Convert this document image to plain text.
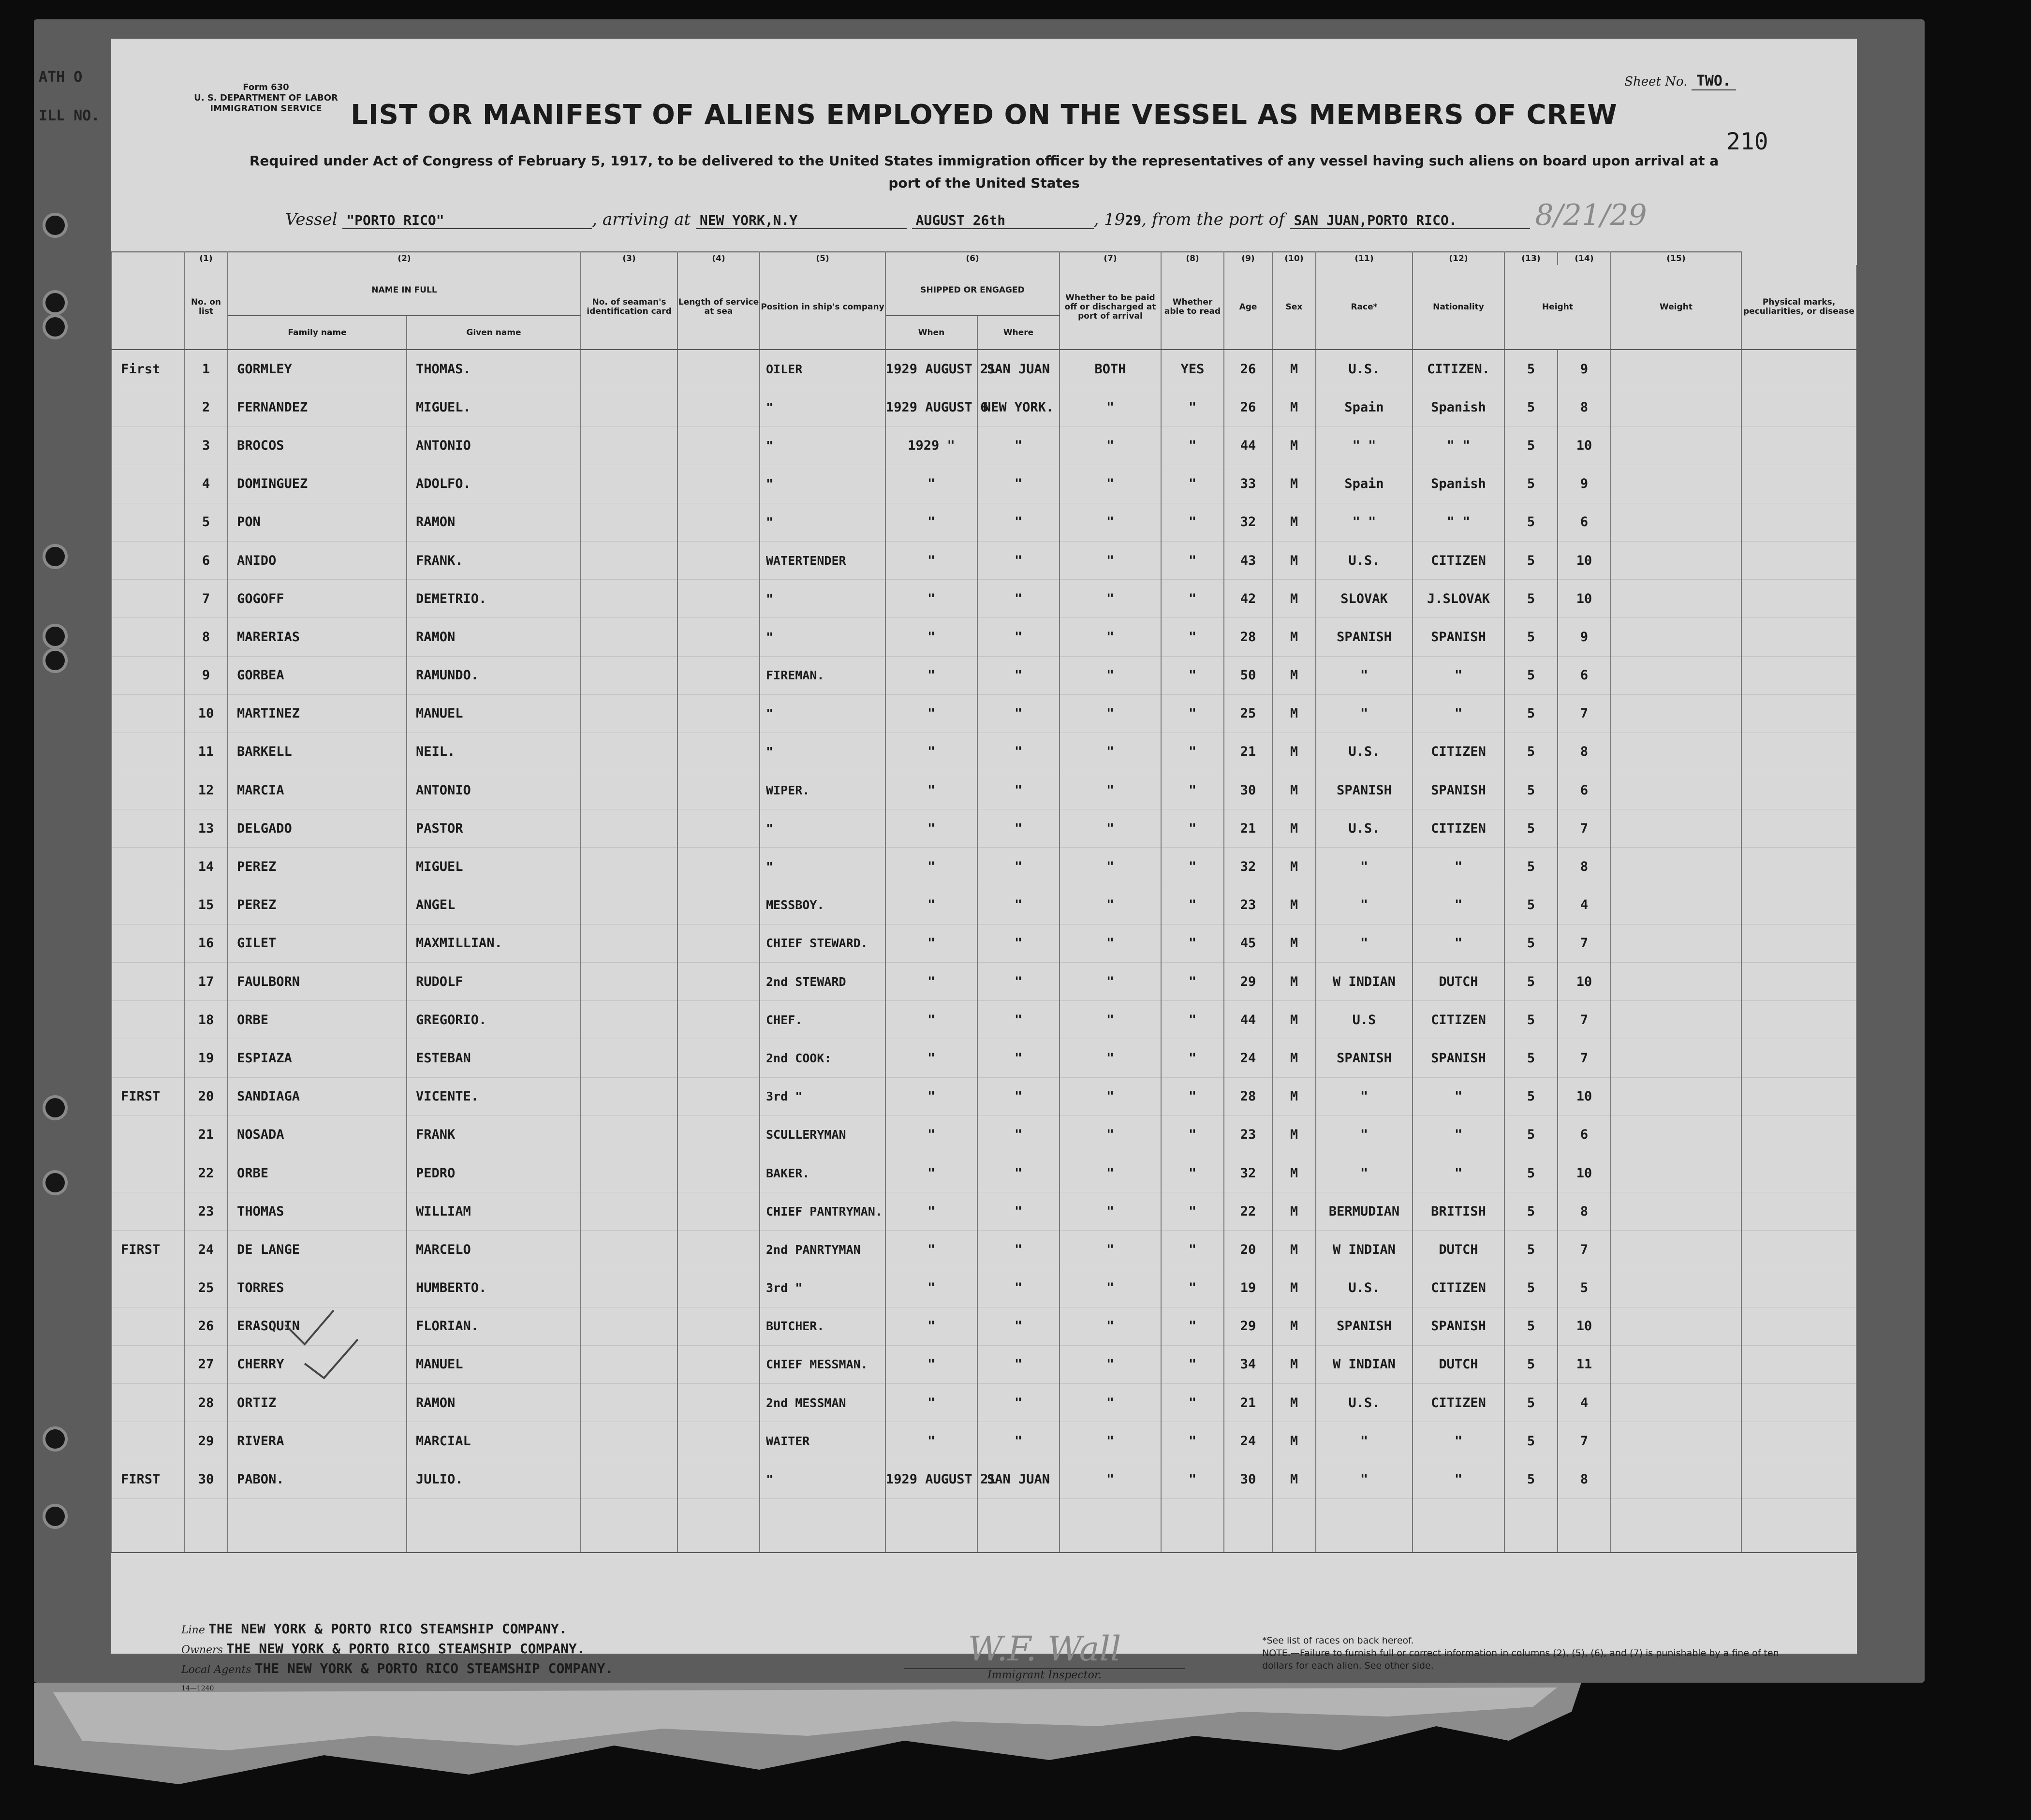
ATH O
ILL NO.
Form 630
U. S. DEPARTMENT OF LABOR
IMMIGRATION SERVICE
Sheet No. TWO.
LIST OR MANIFEST OF ALIENS EMPLOYED ON THE VESSEL AS MEMBERS OF CREW
210
Required under Act of Congress of February 5, 1917, to be delivered to the United States immigration officer by the representatives of any vessel having such aliens on board upon arrival at a
port of the United States
Vessel "PORTO RICO"	, arriving at NEW YORK,N.Y	AUGUST 26th	, 1929, from the port of SAN JUAN,PORTO RICO.	8/21/29
	(1)	(2)		(3)	(4)	(5)	(6)		(7)	(8)	(9)	(10)	(11)	(12)	(13)	(14)	(15)	
	No. on list	NAME IN FULL		No. of seaman's identification card	Length of service at sea	Position in ship's company	SHIPPED OR ENGAGED		Whether to be paid off or discharged at port of arrival	Whether able to read	Age	Sex	Race*	Nationality	Height		Weight	Physical marks, peculiarities, or disease
		Family name	Given name				When	Where										
First	1	GORMLEY	THOMAS.			OILER	1929 AUGUST 21	SAN JUAN	BOTH	YES	26	M	U.S.	CITIZEN.	5	9		
	2	FERNANDEZ	MIGUEL.			"	1929 AUGUST 6	NEW YORK.	"	"	26	M	Spain	Spanish	5	8		
	3	BROCOS	ANTONIO			"	1929 "	"	"	"	44	M	" "	" "	5	10		
	4	DOMINGUEZ	ADOLFO.			"	"	"	"	"	33	M	Spain	Spanish	5	9		
	5	PON	RAMON			"	"	"	"	"	32	M	" "	" "	5	6		
	6	ANIDO	FRANK.			WATERTENDER	"	"	"	"	43	M	U.S.	CITIZEN	5	10		
	7	GOGOFF	DEMETRIO.			"	"	"	"	"	42	M	SLOVAK	J.SLOVAK	5	10		
	8	MARERIAS	RAMON			"	"	"	"	"	28	M	SPANISH	SPANISH	5	9		
	9	GORBEA	RAMUNDO.			FIREMAN.	"	"	"	"	50	M	"	"	5	6		
	10	MARTINEZ	MANUEL			"	"	"	"	"	25	M	"	"	5	7		
	11	BARKELL	NEIL.			"	"	"	"	"	21	M	U.S.	CITIZEN	5	8		
	12	MARCIA	ANTONIO			WIPER.	"	"	"	"	30	M	SPANISH	SPANISH	5	6		
	13	DELGADO	PASTOR			"	"	"	"	"	21	M	U.S.	CITIZEN	5	7		
	14	PEREZ	MIGUEL			"	"	"	"	"	32	M	"	"	5	8		
	15	PEREZ	ANGEL			MESSBOY.	"	"	"	"	23	M	"	"	5	4		
	16	GILET	MAXMILLIAN.			CHIEF STEWARD.	"	"	"	"	45	M	"	"	5	7		
	17	FAULBORN	RUDOLF			2nd STEWARD	"	"	"	"	29	M	W INDIAN	DUTCH	5	10		
	18	ORBE	GREGORIO.			CHEF.	"	"	"	"	44	M	U.S	CITIZEN	5	7		
	19	ESPIAZA	ESTEBAN			2nd COOK:	"	"	"	"	24	M	SPANISH	SPANISH	5	7		
FIRST	20	SANDIAGA	VICENTE.			3rd "	"	"	"	"	28	M	"	"	5	10		
	21	NOSADA	FRANK			SCULLERYMAN	"	"	"	"	23	M	"	"	5	6		
	22	ORBE	PEDRO			BAKER.	"	"	"	"	32	M	"	"	5	10		
	23	THOMAS	WILLIAM			CHIEF PANTRYMAN.	"	"	"	"	22	M	BERMUDIAN	BRITISH	5	8		
FIRST	24	DE LANGE	MARCELO			2nd PANRTYMAN	"	"	"	"	20	M	W INDIAN	DUTCH	5	7		
	25	TORRES	HUMBERTO.			3rd "	"	"	"	"	19	M	U.S.	CITIZEN	5	5		
	26	ERASQUIN	FLORIAN.			BUTCHER.	"	"	"	"	29	M	SPANISH	SPANISH	5	10		
	27	CHERRY	MANUEL			CHIEF MESSMAN.	"	"	"	"	34	M	W INDIAN	DUTCH	5	11		
	28	ORTIZ	RAMON			2nd MESSMAN	"	"	"	"	21	M	U.S.	CITIZEN	5	4		
	29	RIVERA	MARCIAL			WAITER	"	"	"	"	24	M	"	"	5	7		
FIRST	30	PABON.	JULIO.			"	1929 AUGUST 21	SAN JUAN	"	"	30	M	"	"	5	8		

Line THE NEW YORK & PORTO RICO STEAMSHIP COMPANY.
Owners THE NEW YORK & PORTO RICO STEAMSHIP COMPANY.
Local Agents THE NEW YORK & PORTO RICO STEAMSHIP COMPANY.
14—1240
W.F. Wall
Immigrant Inspector.
*See list of races on back hereof.
NOTE.—Failure to furnish full or correct information in columns (2), (5), (6), and (7) is punishable by a fine of ten dollars for each alien. See other side.
